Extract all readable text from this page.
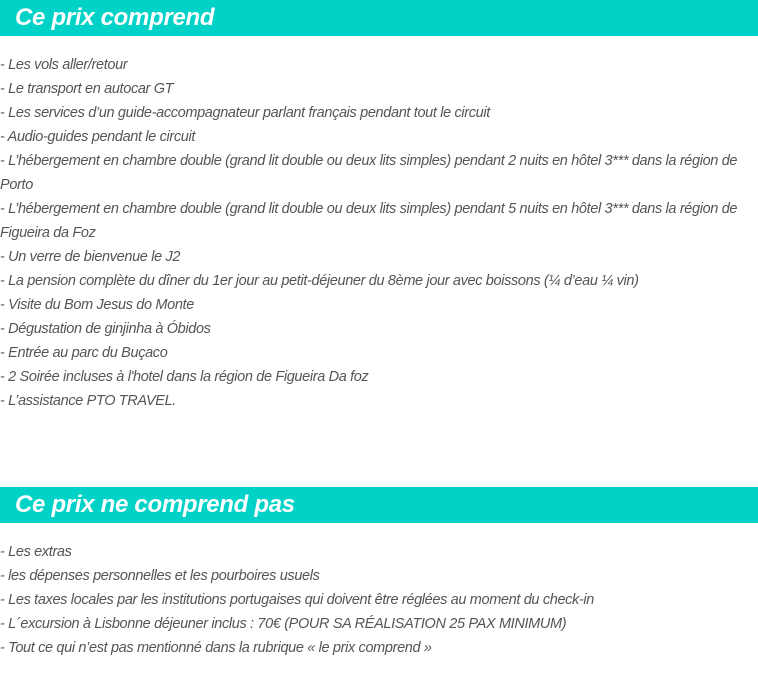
Ce prix comprend
- Les vols aller/retour
- Le transport en autocar GT
- Les services d’un guide-accompagnateur parlant français pendant tout le circuit
- Audio-guides pendant le circuit
- L’hébergement en chambre double (grand lit double ou deux lits simples) pendant 2 nuits en hôtel 3*** dans la région de Porto
- L’hébergement en chambre double (grand lit double ou deux lits simples) pendant 5 nuits en hôtel 3*** dans la région de Figueira da Foz
- Un verre de bienvenue le J2
- La pension complète du dîner du 1er jour au petit-déjeuner du 8ème jour avec boissons (¼ d’eau ¼ vin)
- Visite du Bom Jesus do Monte
- Dégustation de ginjinha à Óbidos
- Entrée au parc du Buçaco
- 2 Soirée incluses à l'hotel dans la région de Figueira Da foz
- L’assistance PTO TRAVEL.
Ce prix ne comprend pas
- Les extras
- les dépenses personnelles et les pourboires usuels
- Les taxes locales par les institutions portugaises qui doivent être réglées au moment du check-in
- L´excursion à Lisbonne déjeuner inclus : 70€ (POUR SA RÉALISATION 25 PAX MINIMUM)
- Tout ce qui n’est pas mentionné dans la rubrique « le prix comprend »
